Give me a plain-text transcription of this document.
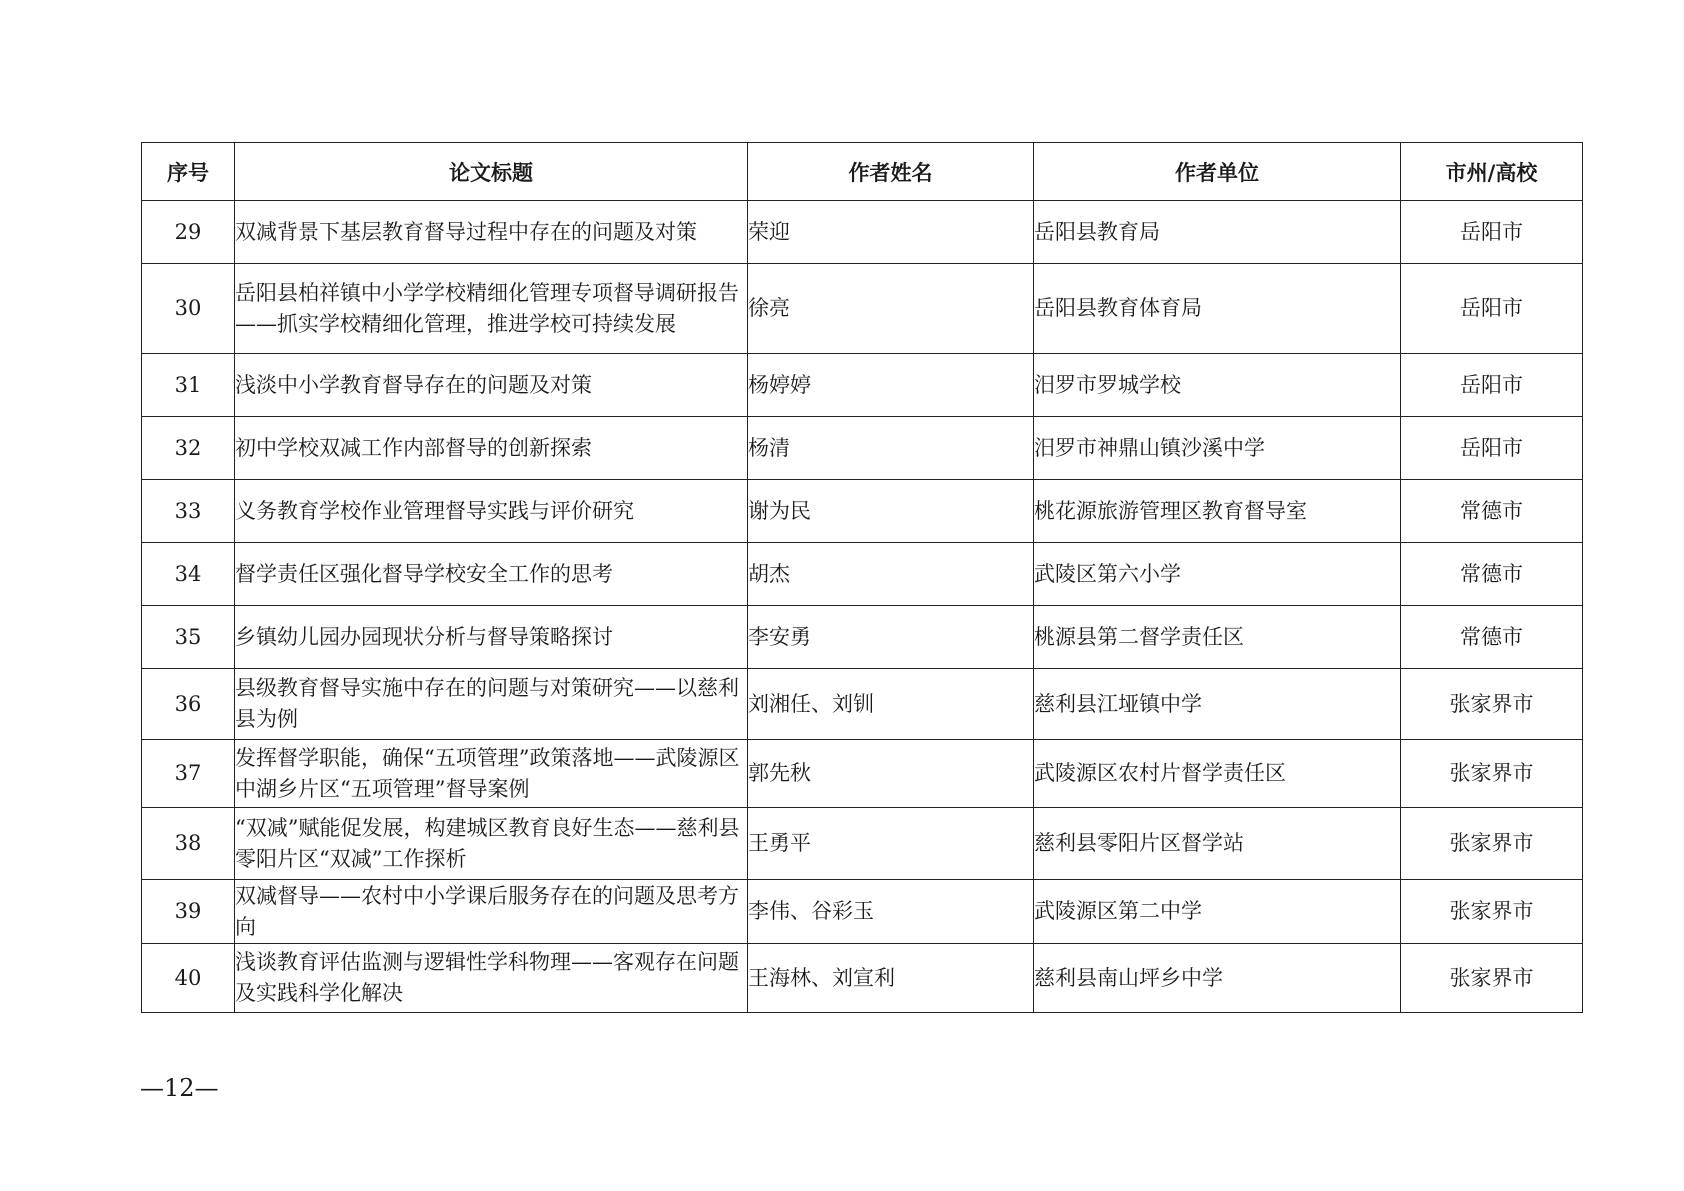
序号	论文标题	作者姓名	作者单位	市州/高校
29	双减背景下基层教育督导过程中存在的问题及对策	荣迎	岳阳县教育局	岳阳市
30	岳阳县柏祥镇中小学学校精细化管理专项督导调研报告——抓实学校精细化管理，推进学校可持续发展	徐亮	岳阳县教育体育局	岳阳市
31	浅淡中小学教育督导存在的问题及对策	杨婷婷	汨罗市罗城学校	岳阳市
32	初中学校双减工作内部督导的创新探索	杨清	汨罗市神鼎山镇沙溪中学	岳阳市
33	义务教育学校作业管理督导实践与评价研究	谢为民	桃花源旅游管理区教育督导室	常德市
34	督学责任区强化督导学校安全工作的思考	胡杰	武陵区第六小学	常德市
35	乡镇幼儿园办园现状分析与督导策略探讨	李安勇	桃源县第二督学责任区	常德市
36	县级教育督导实施中存在的问题与对策研究——以慈利县为例	刘湘任、刘钏	慈利县江垭镇中学	张家界市
37	发挥督学职能，确保“五项管理”政策落地——武陵源区中湖乡片区“五项管理”督导案例	郭先秋	武陵源区农村片督学责任区	张家界市
38	“双减”赋能促发展，构建城区教育良好生态——慈利县零阳片区“双减”工作探析	王勇平	慈利县零阳片区督学站	张家界市
39	双减督导——农村中小学课后服务存在的问题及思考方向	李伟、谷彩玉	武陵源区第二中学	张家界市
40	浅谈教育评估监测与逻辑性学科物理——客观存在问题及实践科学化解决	王海林、刘宣利	慈利县南山坪乡中学	张家界市
—12—
